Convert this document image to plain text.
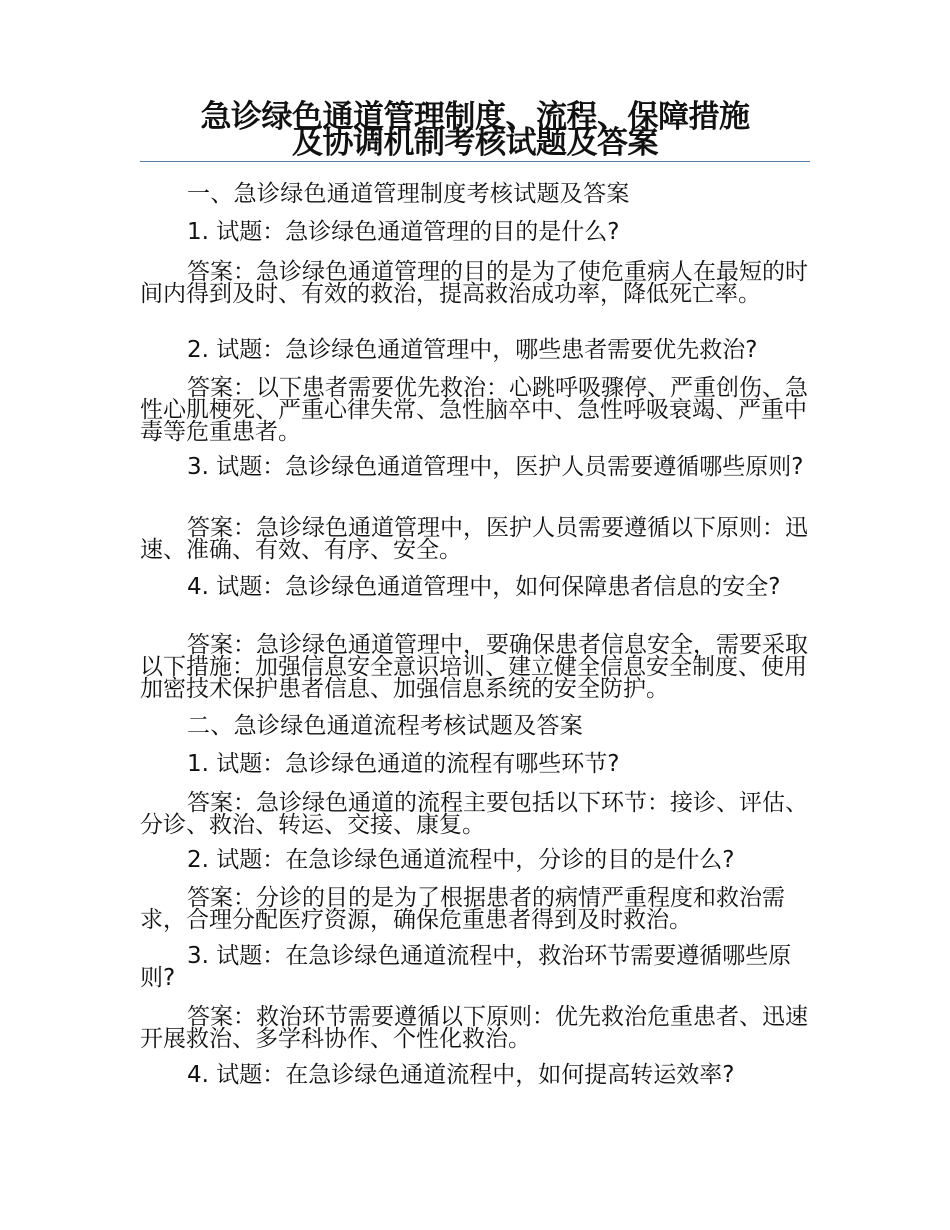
急诊绿色通道管理制度、流程、保障措施
及协调机制考核试题及答案

一、急诊绿色通道管理制度考核试题及答案

1. 试题：急诊绿色通道管理的目的是什么?

答案：急诊绿色通道管理的目的是为了使危重病人在最短的时间内得到及时、有效的救治，提高救治成功率，降低死亡率。

2. 试题：急诊绿色通道管理中，哪些患者需要优先救治?

答案：以下患者需要优先救治：心跳呼吸骤停、严重创伤、急性心肌梗死、严重心律失常、急性脑卒中、急性呼吸衰竭、严重中毒等危重患者。

3. 试题：急诊绿色通道管理中，医护人员需要遵循哪些原则?

答案：急诊绿色通道管理中，医护人员需要遵循以下原则：迅速、准确、有效、有序、安全。

4. 试题：急诊绿色通道管理中，如何保障患者信息的安全?

答案：急诊绿色通道管理中，要确保患者信息安全，需要采取以下措施：加强信息安全意识培训、建立健全信息安全制度、使用加密技术保护患者信息、加强信息系统的安全防护。

二、急诊绿色通道流程考核试题及答案

1. 试题：急诊绿色通道的流程有哪些环节?

答案：急诊绿色通道的流程主要包括以下环节：接诊、评估、分诊、救治、转运、交接、康复。

2. 试题：在急诊绿色通道流程中，分诊的目的是什么?

答案：分诊的目的是为了根据患者的病情严重程度和救治需求，合理分配医疗资源，确保危重患者得到及时救治。

3. 试题：在急诊绿色通道流程中，救治环节需要遵循哪些原则?

答案：救治环节需要遵循以下原则：优先救治危重患者、迅速开展救治、多学科协作、个性化救治。

4. 试题：在急诊绿色通道流程中，如何提高转运效率?
